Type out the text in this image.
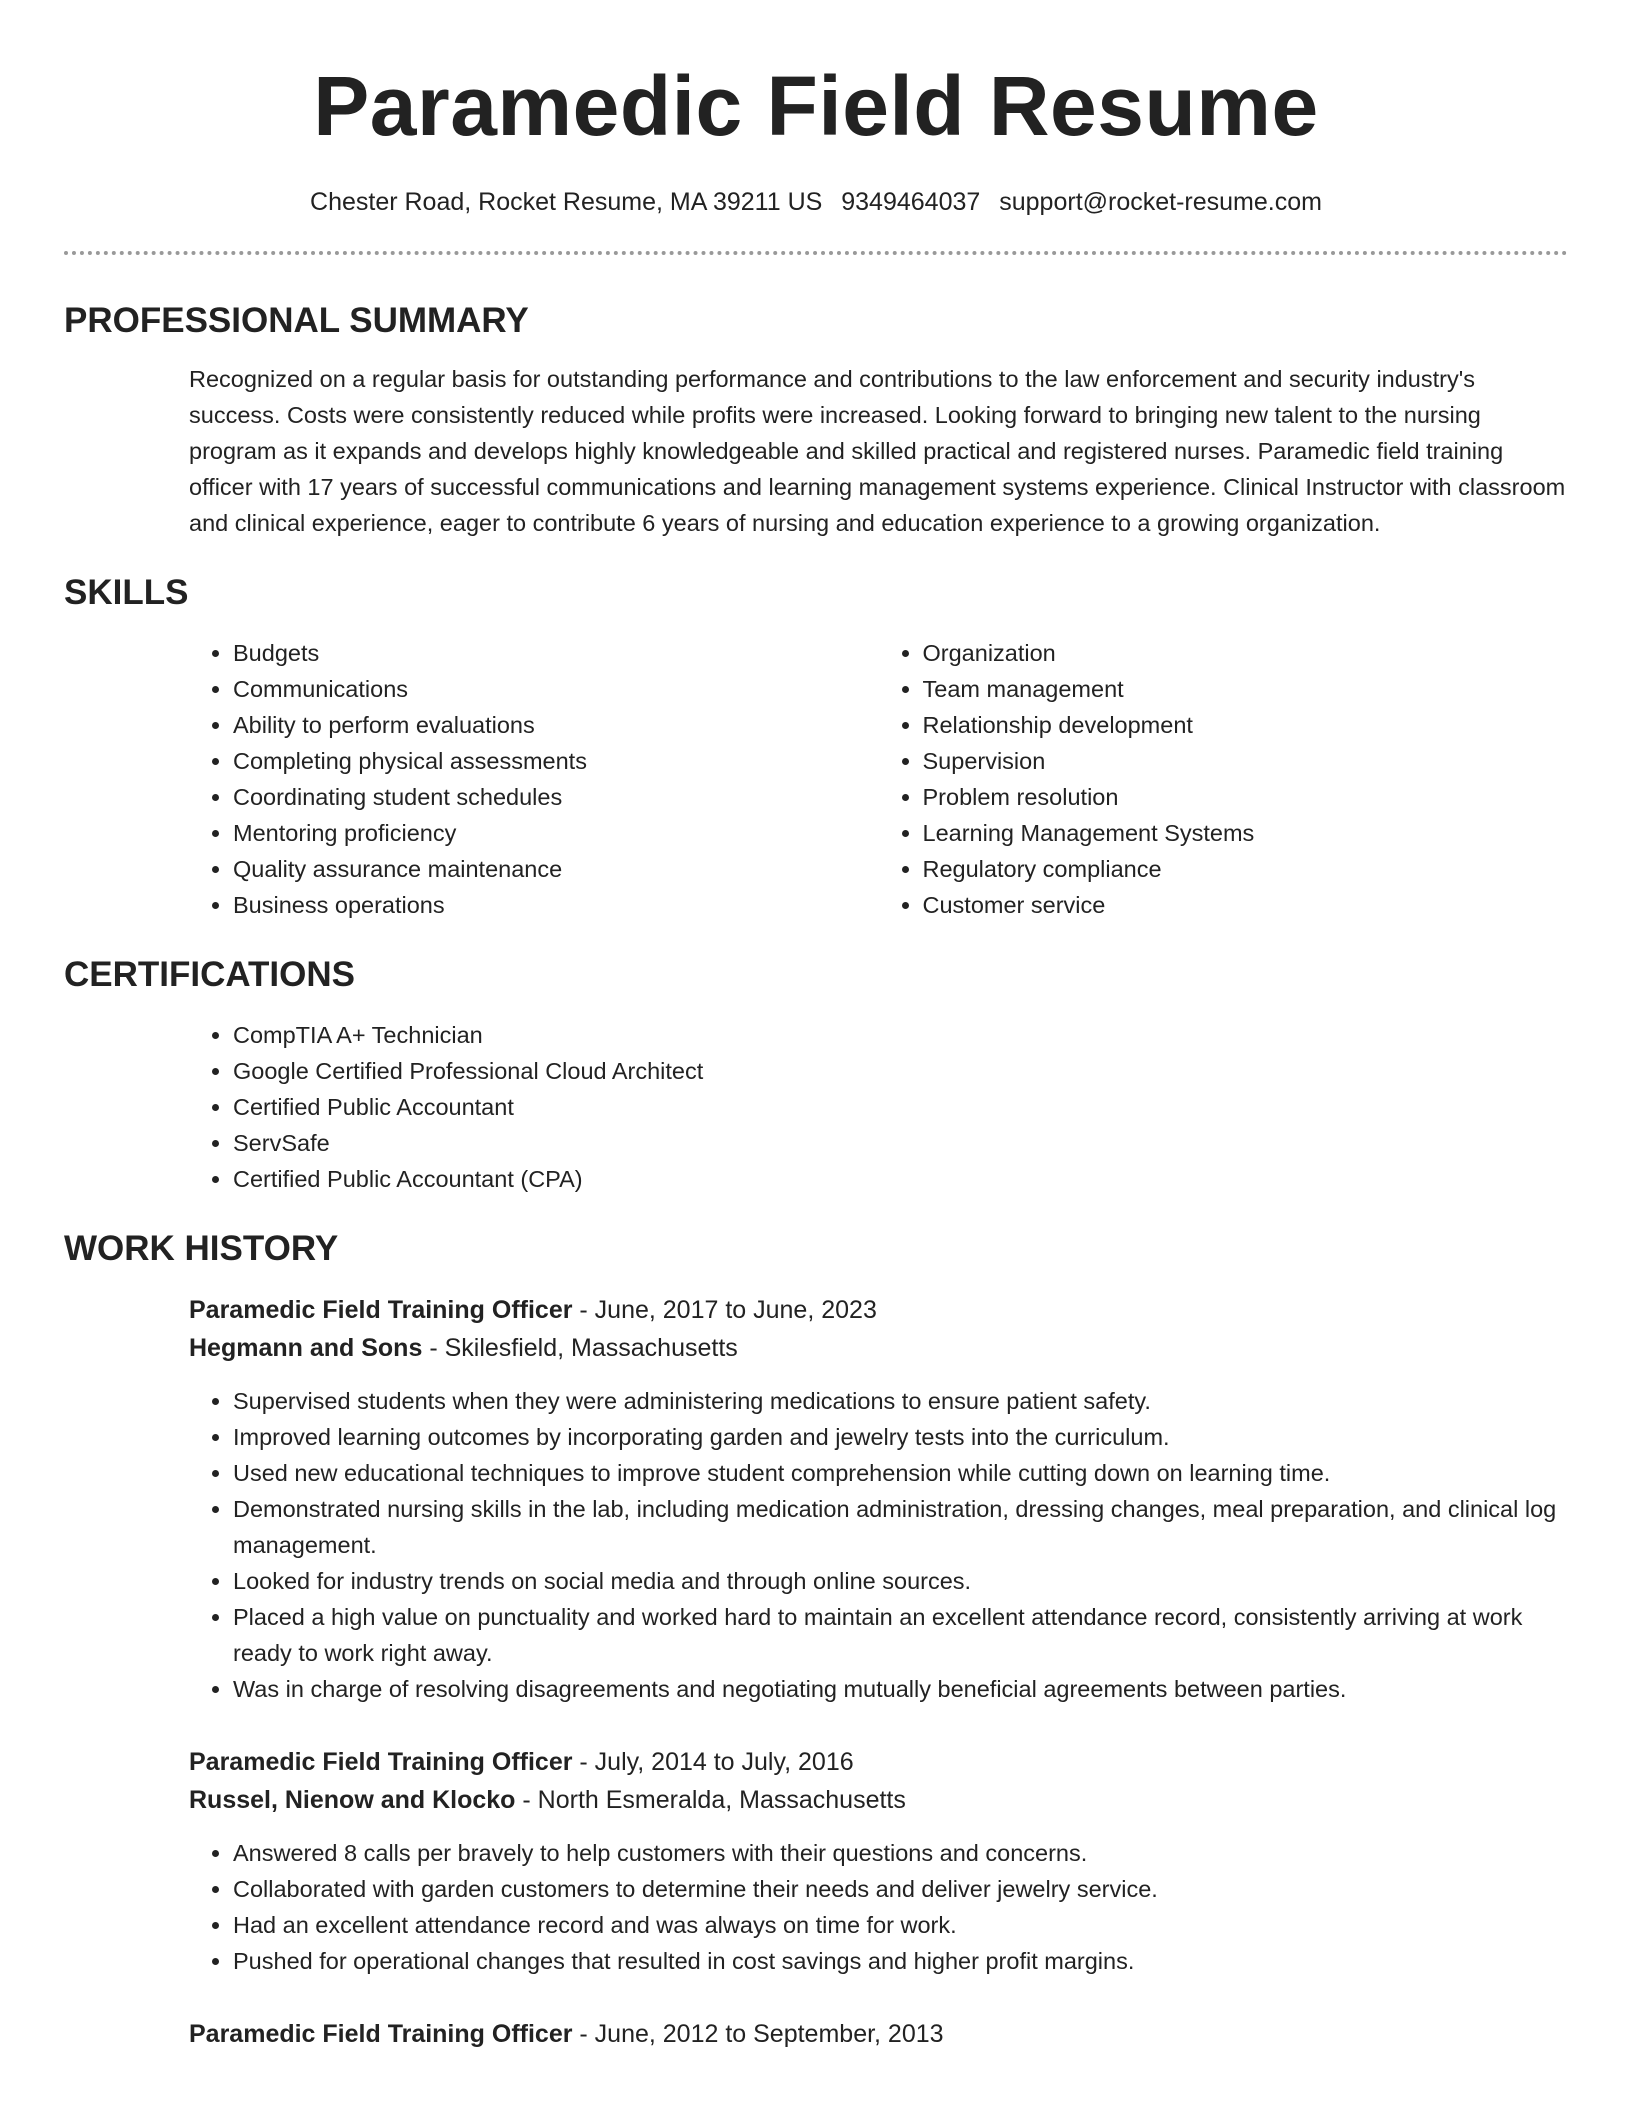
Paramedic Field Resume
Chester Road, Rocket Resume, MA 39211 US 9349464037 support@rocket-resume.com
PROFESSIONAL SUMMARY
Recognized on a regular basis for outstanding performance and contributions to the law enforcement and security industry's success. Costs were consistently reduced while profits were increased. Looking forward to bringing new talent to the nursing program as it expands and develops highly knowledgeable and skilled practical and registered nurses. Paramedic field training officer with 17 years of successful communications and learning management systems experience. Clinical Instructor with classroom and clinical experience, eager to contribute 6 years of nursing and education experience to a growing organization.
SKILLS
• Budgets
• Communications
• Ability to perform evaluations
• Completing physical assessments
• Coordinating student schedules
• Mentoring proficiency
• Quality assurance maintenance
• Business operations
• Organization
• Team management
• Relationship development
• Supervision
• Problem resolution
• Learning Management Systems
• Regulatory compliance
• Customer service
CERTIFICATIONS
• CompTIA A+ Technician
• Google Certified Professional Cloud Architect
• Certified Public Accountant
• ServSafe
• Certified Public Accountant (CPA)
WORK HISTORY
Paramedic Field Training Officer - June, 2017 to June, 2023
Hegmann and Sons - Skilesfield, Massachusetts
• Supervised students when they were administering medications to ensure patient safety.
• Improved learning outcomes by incorporating garden and jewelry tests into the curriculum.
• Used new educational techniques to improve student comprehension while cutting down on learning time.
• Demonstrated nursing skills in the lab, including medication administration, dressing changes, meal preparation, and clinical log management.
• Looked for industry trends on social media and through online sources.
• Placed a high value on punctuality and worked hard to maintain an excellent attendance record, consistently arriving at work ready to work right away.
• Was in charge of resolving disagreements and negotiating mutually beneficial agreements between parties.
Paramedic Field Training Officer - July, 2014 to July, 2016
Russel, Nienow and Klocko - North Esmeralda, Massachusetts
• Answered 8 calls per bravely to help customers with their questions and concerns.
• Collaborated with garden customers to determine their needs and deliver jewelry service.
• Had an excellent attendance record and was always on time for work.
• Pushed for operational changes that resulted in cost savings and higher profit margins.
Paramedic Field Training Officer - June, 2012 to September, 2013
